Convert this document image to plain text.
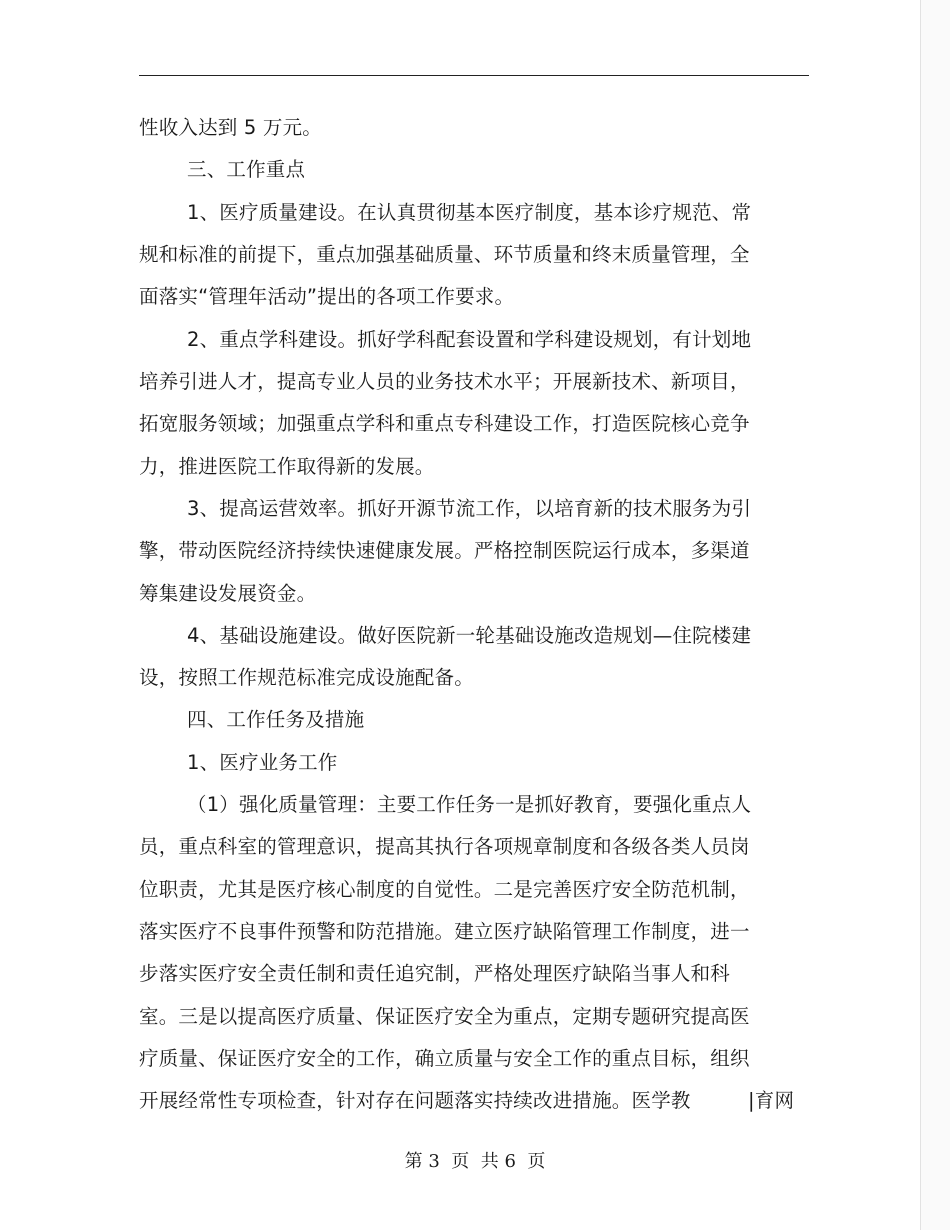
性收入达到 5 万元。
三、工作重点
1、医疗质量建设。在认真贯彻基本医疗制度，基本诊疗规范、常
规和标准的前提下，重点加强基础质量、环节质量和终末质量管理，全
面落实“管理年活动”提出的各项工作要求。
2、重点学科建设。抓好学科配套设置和学科建设规划，有计划地
培养引进人才，提高专业人员的业务技术水平；开展新技术、新项目，
拓宽服务领域；加强重点学科和重点专科建设工作，打造医院核心竞争
力，推进医院工作取得新的发展。
3、提高运营效率。抓好开源节流工作，以培育新的技术服务为引
擎，带动医院经济持续快速健康发展。严格控制医院运行成本，多渠道
筹集建设发展资金。
4、基础设施建设。做好医院新一轮基础设施改造规划—住院楼建
设，按照工作规范标准完成设施配备。
四、工作任务及措施
1、医疗业务工作
（1）强化质量管理：主要工作任务一是抓好教育，要强化重点人
员，重点科室的管理意识，提高其执行各项规章制度和各级各类人员岗
位职责，尤其是医疗核心制度的自觉性。二是完善医疗安全防范机制，
落实医疗不良事件预警和防范措施。建立医疗缺陷管理工作制度，进一
步落实医疗安全责任制和责任追究制，严格处理医疗缺陷当事人和科
室。三是以提高医疗质量、保证医疗安全为重点，定期专题研究提高医
疗质量、保证医疗安全的工作，确立质量与安全工作的重点目标，组织
开展经常性专项检查，针对存在问题落实持续改进措施。医学教	|育网
第 3  页  共 6  页
